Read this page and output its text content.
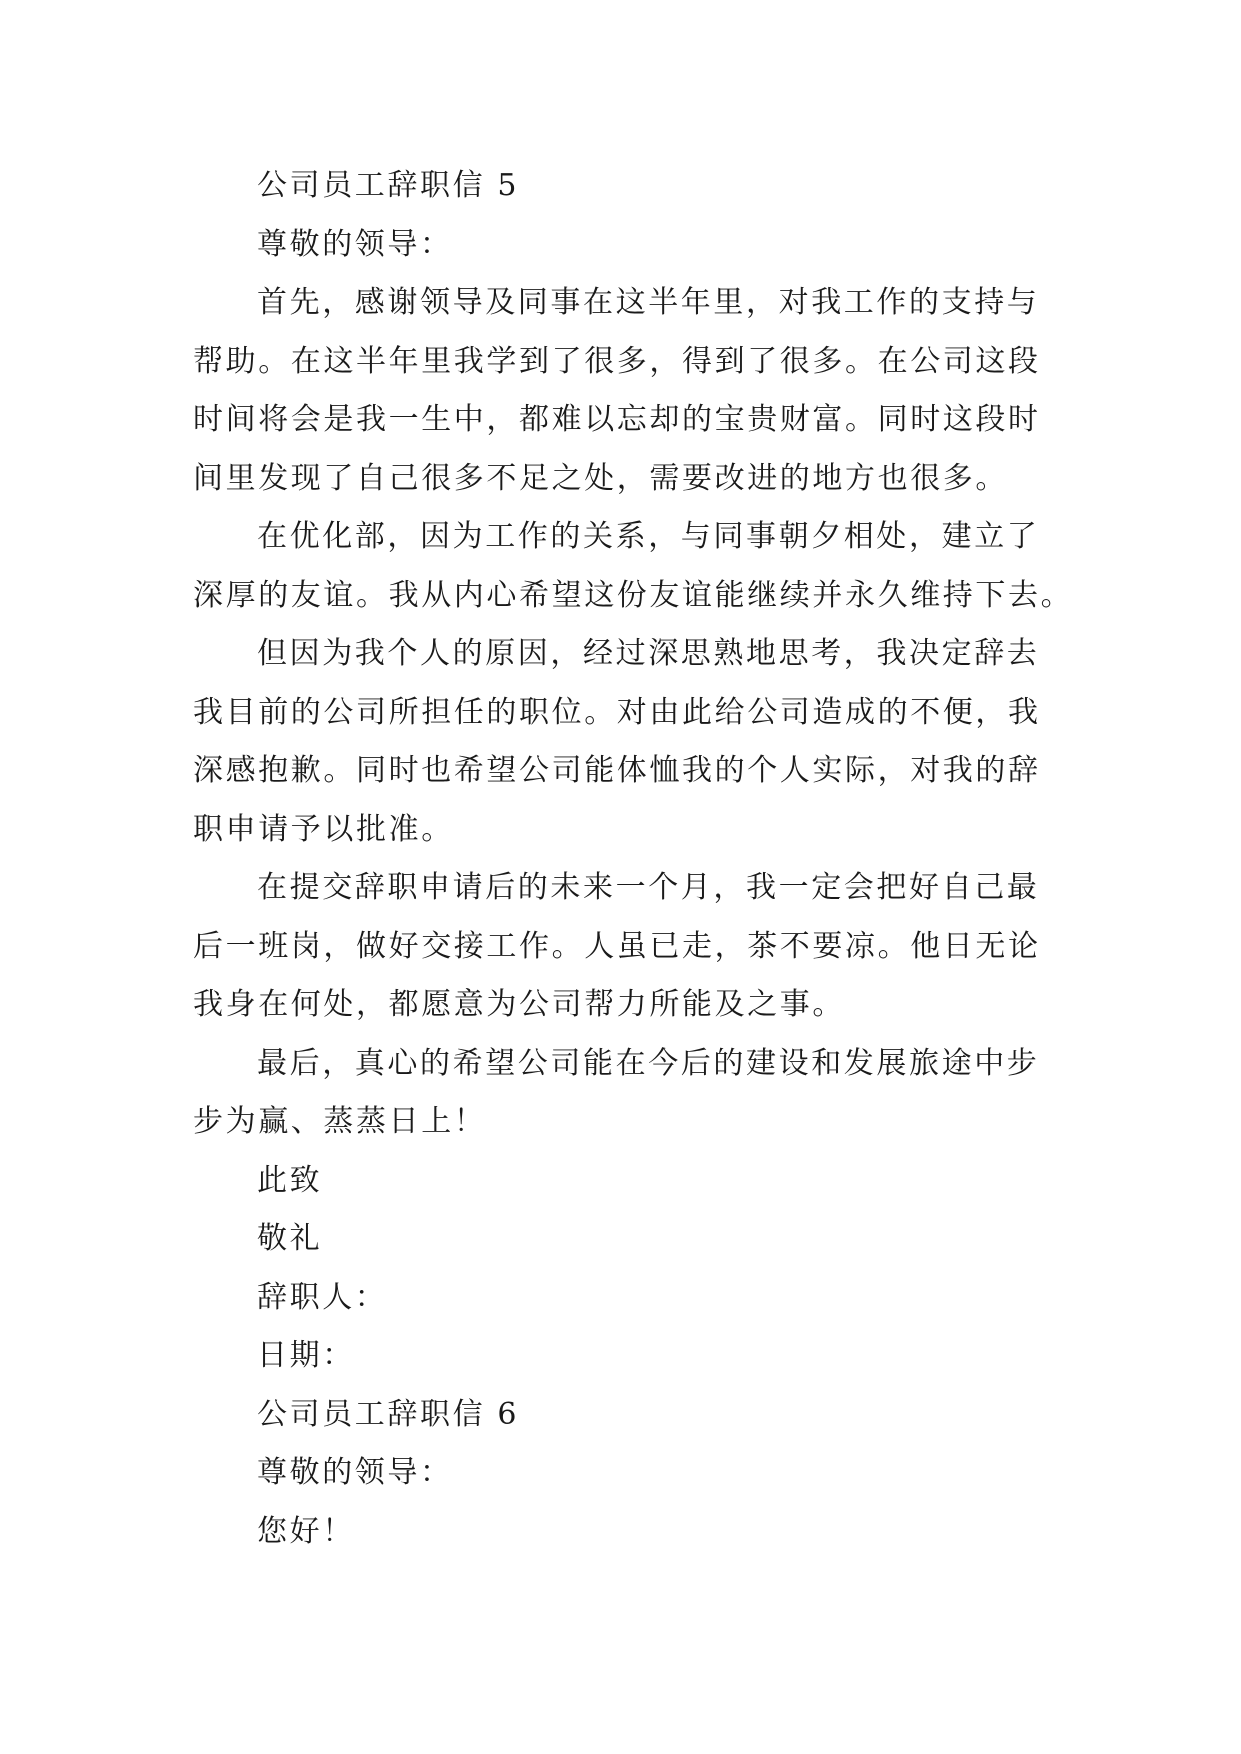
公司员工辞职信 5
尊敬的领导：
首先，感谢领导及同事在这半年里，对我工作的支持与
帮助。在这半年里我学到了很多，得到了很多。在公司这段
时间将会是我一生中，都难以忘却的宝贵财富。同时这段时
间里发现了自己很多不足之处，需要改进的地方也很多。
在优化部，因为工作的关系，与同事朝夕相处，建立了
深厚的友谊。我从内心希望这份友谊能继续并永久维持下去。
但因为我个人的原因，经过深思熟地思考，我决定辞去
我目前的公司所担任的职位。对由此给公司造成的不便，我
深感抱歉。同时也希望公司能体恤我的个人实际，对我的辞
职申请予以批准。
在提交辞职申请后的未来一个月，我一定会把好自己最
后一班岗，做好交接工作。人虽已走，茶不要凉。他日无论
我身在何处，都愿意为公司帮力所能及之事。
最后，真心的希望公司能在今后的建设和发展旅途中步
步为赢、蒸蒸日上！
此致
敬礼
辞职人：
日期：
公司员工辞职信 6
尊敬的领导：
您好！
